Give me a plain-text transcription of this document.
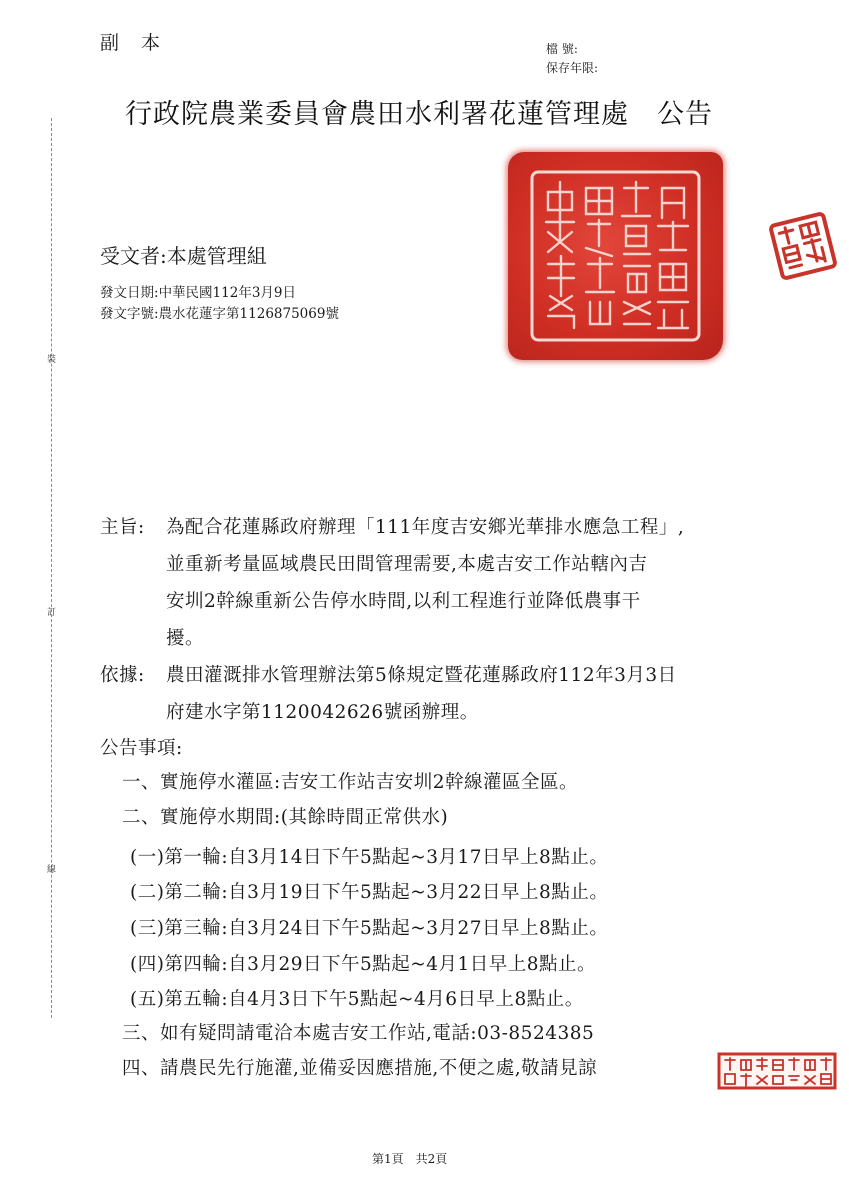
副 本	檔 號:
保存年限:
行政院農業委員會農田水利署花蓮管理處　公告
裝
訂
線
受文者:本處管理組
發文日期:中華民國112年3月9日
發文字號:農水花蓮字第1126875069號
主旨: 為配合花蓮縣政府辦理「111年度吉安鄉光華排水應急工程」,
並重新考量區域農民田間管理需要,本處吉安工作站轄內吉
安圳2幹線重新公告停水時間,以利工程進行並降低農事干
擾。
依據: 農田灌溉排水管理辦法第5條規定暨花蓮縣政府112年3月3日
府建水字第1120042626號函辦理。
公告事項:
一、實施停水灌區:吉安工作站吉安圳2幹線灌區全區。
二、實施停水期間:(其餘時間正常供水)
(一)第一輪:自3月14日下午5點起~3月17日早上8點止。
(二)第二輪:自3月19日下午5點起~3月22日早上8點止。
(三)第三輪:自3月24日下午5點起~3月27日早上8點止。
(四)第四輪:自3月29日下午5點起~4月1日早上8點止。
(五)第五輪:自4月3日下午5點起~4月6日早上8點止。
三、如有疑問請電洽本處吉安工作站,電話:03-8524385
四、請農民先行施灌,並備妥因應措施,不便之處,敬請見諒
第1頁　共2頁
